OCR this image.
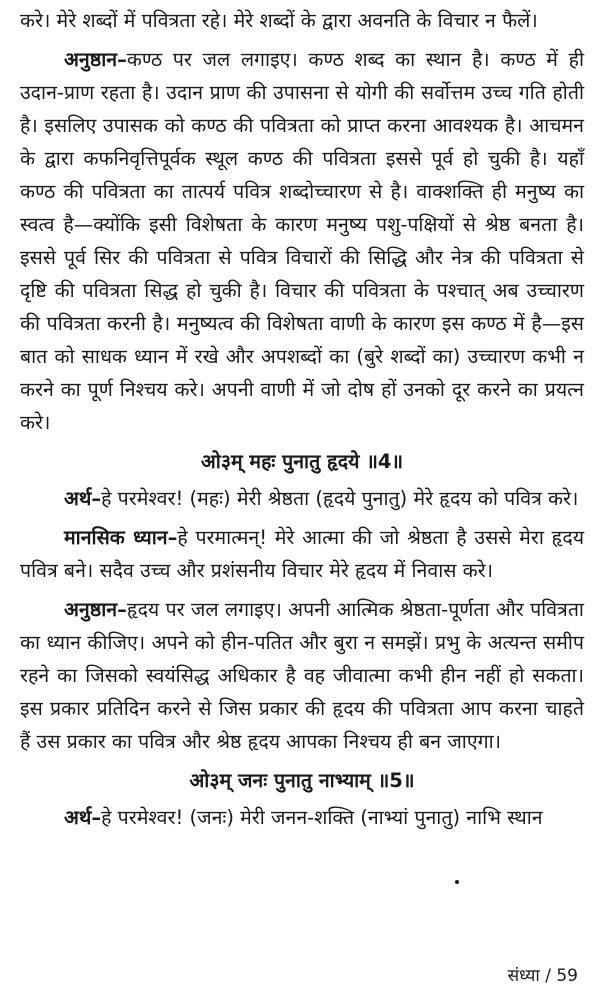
करे। मेरे शब्दों में पवित्रता रहे। मेरे शब्दों के द्वारा अवनति के विचार न फैलें।

अनुष्ठान–कण्ठ पर जल लगाइए। कण्ठ शब्द का स्थान है। कण्ठ में ही उदान-प्राण रहता है। उदान प्राण की उपासना से योगी की सर्वोत्तम उच्च गति होती है। इसलिए उपासक को कण्ठ की पवित्रता को प्राप्त करना आवश्यक है। आचमन के द्वारा कफनिवृत्तिपूर्वक स्थूल कण्ठ की पवित्रता इससे पूर्व हो चुकी है। यहाँ कण्ठ की पवित्रता का तात्पर्य पवित्र शब्दोच्चारण से है। वाक्शक्ति ही मनुष्य का स्वत्व है—क्योंकि इसी विशेषता के कारण मनुष्य पशु-पक्षियों से श्रेष्ठ बनता है। इससे पूर्व सिर की पवित्रता से पवित्र विचारों की सिद्धि और नेत्र की पवित्रता से दृष्टि की पवित्रता सिद्ध हो चुकी है। विचार की पवित्रता के पश्चात् अब उच्चारण की पवित्रता करनी है। मनुष्यत्व की विशेषता वाणी के कारण इस कण्ठ में है—इस बात को साधक ध्यान में रखे और अपशब्दों का (बुरे शब्दों का) उच्चारण कभी न करने का पूर्ण निश्चय करे। अपनी वाणी में जो दोष हों उनको दूर करने का प्रयत्न करे।

ओ३म् महः पुनातु हृदये ॥4॥

अर्थ–हे परमेश्वर! (महः) मेरी श्रेष्ठता (हृदये पुनातु) मेरे हृदय को पवित्र करे।

मानसिक ध्यान–हे परमात्मन्! मेरे आत्मा की जो श्रेष्ठता है उससे मेरा हृदय पवित्र बने। सदैव उच्च और प्रशंसनीय विचार मेरे हृदय में निवास करे।

अनुष्ठान–हृदय पर जल लगाइए। अपनी आत्मिक श्रेष्ठता-पूर्णता और पवित्रता का ध्यान कीजिए। अपने को हीन-पतित और बुरा न समझें। प्रभु के अत्यन्त समीप रहने का जिसको स्वयंसिद्ध अधिकार है वह जीवात्मा कभी हीन नहीं हो सकता। इस प्रकार प्रतिदिन करने से जिस प्रकार की हृदय की पवित्रता आप करना चाहते हैं उस प्रकार का पवित्र और श्रेष्ठ हृदय आपका निश्चय ही बन जाएगा।

ओ३म् जनः पुनातु नाभ्याम् ॥5॥

अर्थ–हे परमेश्वर! (जनः) मेरी जनन-शक्ति (नाभ्यां पुनातु) नाभि स्थान

संध्या / 59
